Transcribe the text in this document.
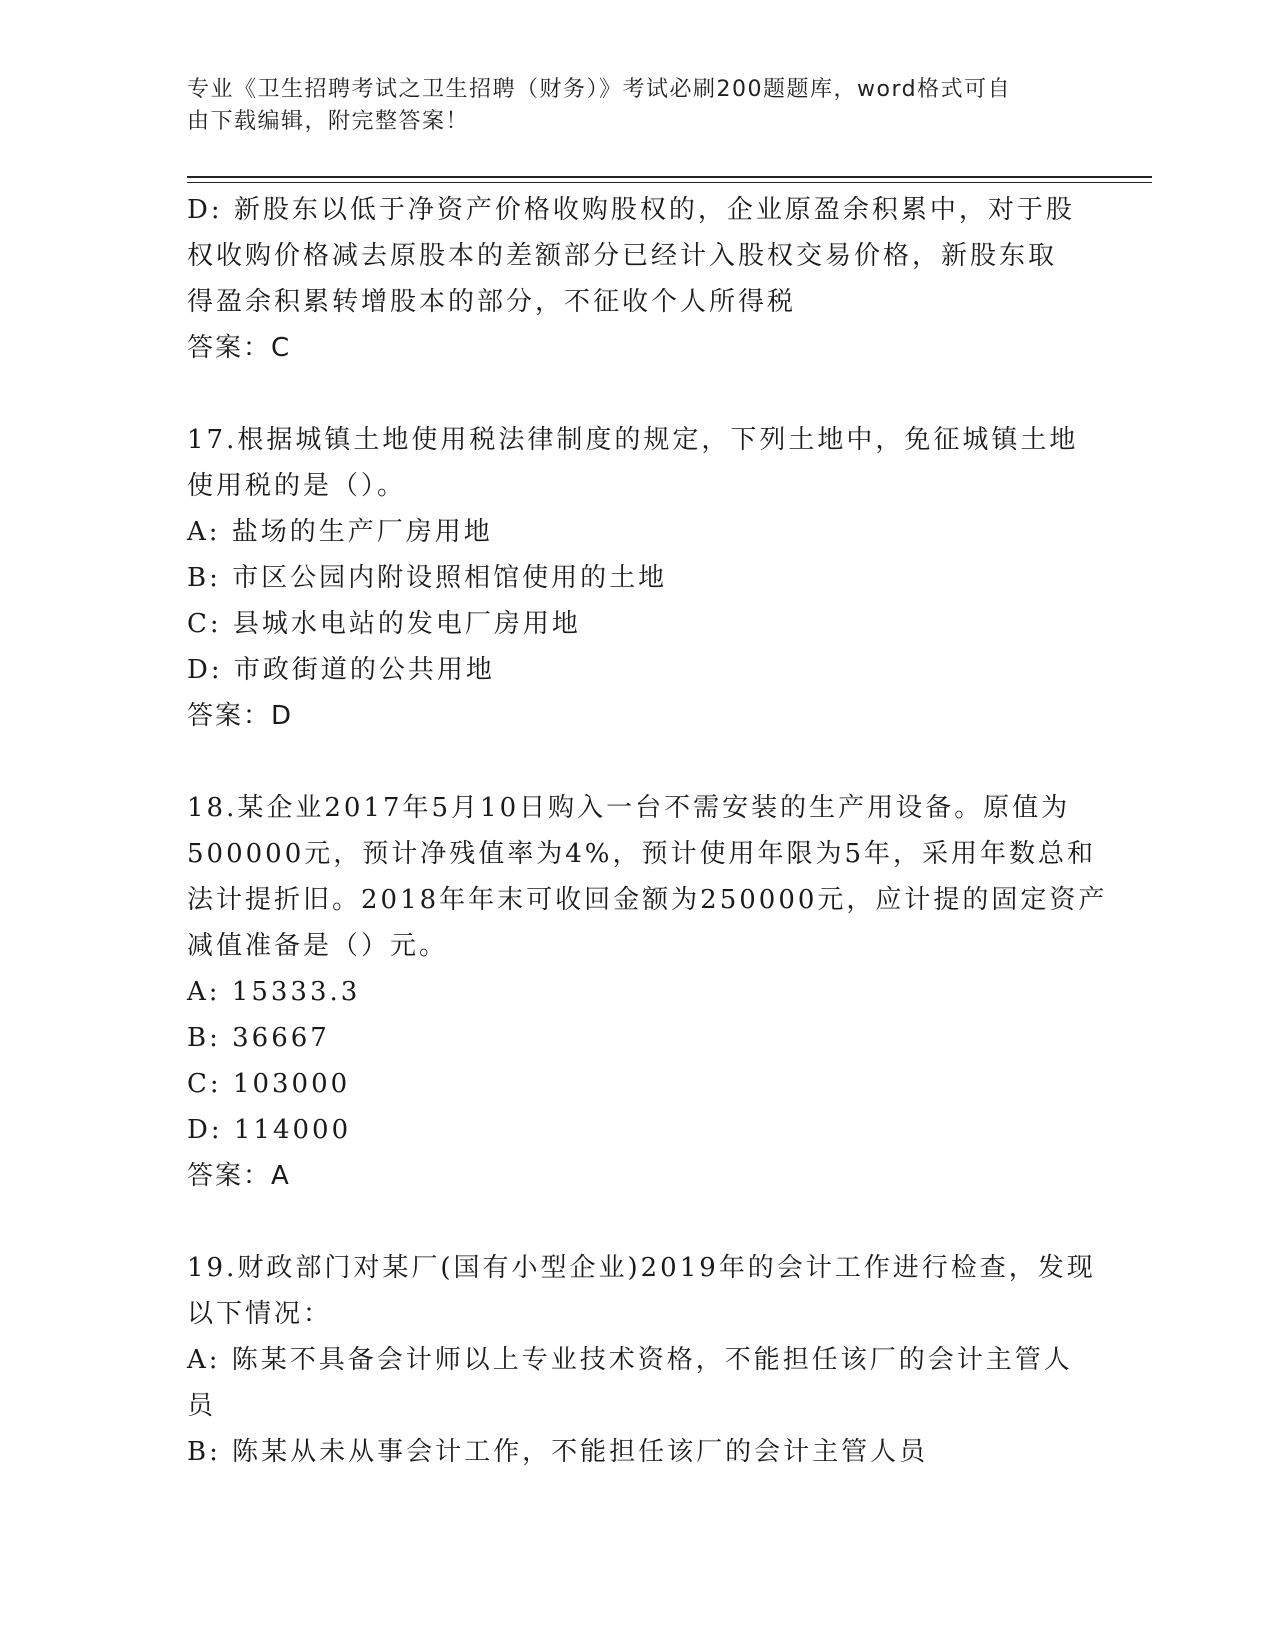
专业《卫生招聘考试之卫生招聘（财务）》考试必刷200题题库，word格式可自
由下载编辑，附完整答案！
D: 新股东以低于净资产价格收购股权的，企业原盈余积累中，对于股
权收购价格减去原股本的差额部分已经计入股权交易价格，新股东取
得盈余积累转增股本的部分，不征收个人所得税
答案：C
17.根据城镇土地使用税法律制度的规定，下列土地中，免征城镇土地
使用税的是（）。
A: 盐场的生产厂房用地
B: 市区公园内附设照相馆使用的土地
C: 县城水电站的发电厂房用地
D: 市政街道的公共用地
答案：D
18.某企业2017年5月10日购入一台不需安装的生产用设备。原值为
500000元，预计净残值率为4%，预计使用年限为5年，采用年数总和
法计提折旧。2018年年末可收回金额为250000元，应计提的固定资产
减值准备是（）元。
A: 15333.3
B: 36667
C: 103000
D: 114000
答案：A
19.财政部门对某厂(国有小型企业)2019年的会计工作进行检查，发现
以下情况：
A: 陈某不具备会计师以上专业技术资格，不能担任该厂的会计主管人
员
B: 陈某从未从事会计工作，不能担任该厂的会计主管人员
